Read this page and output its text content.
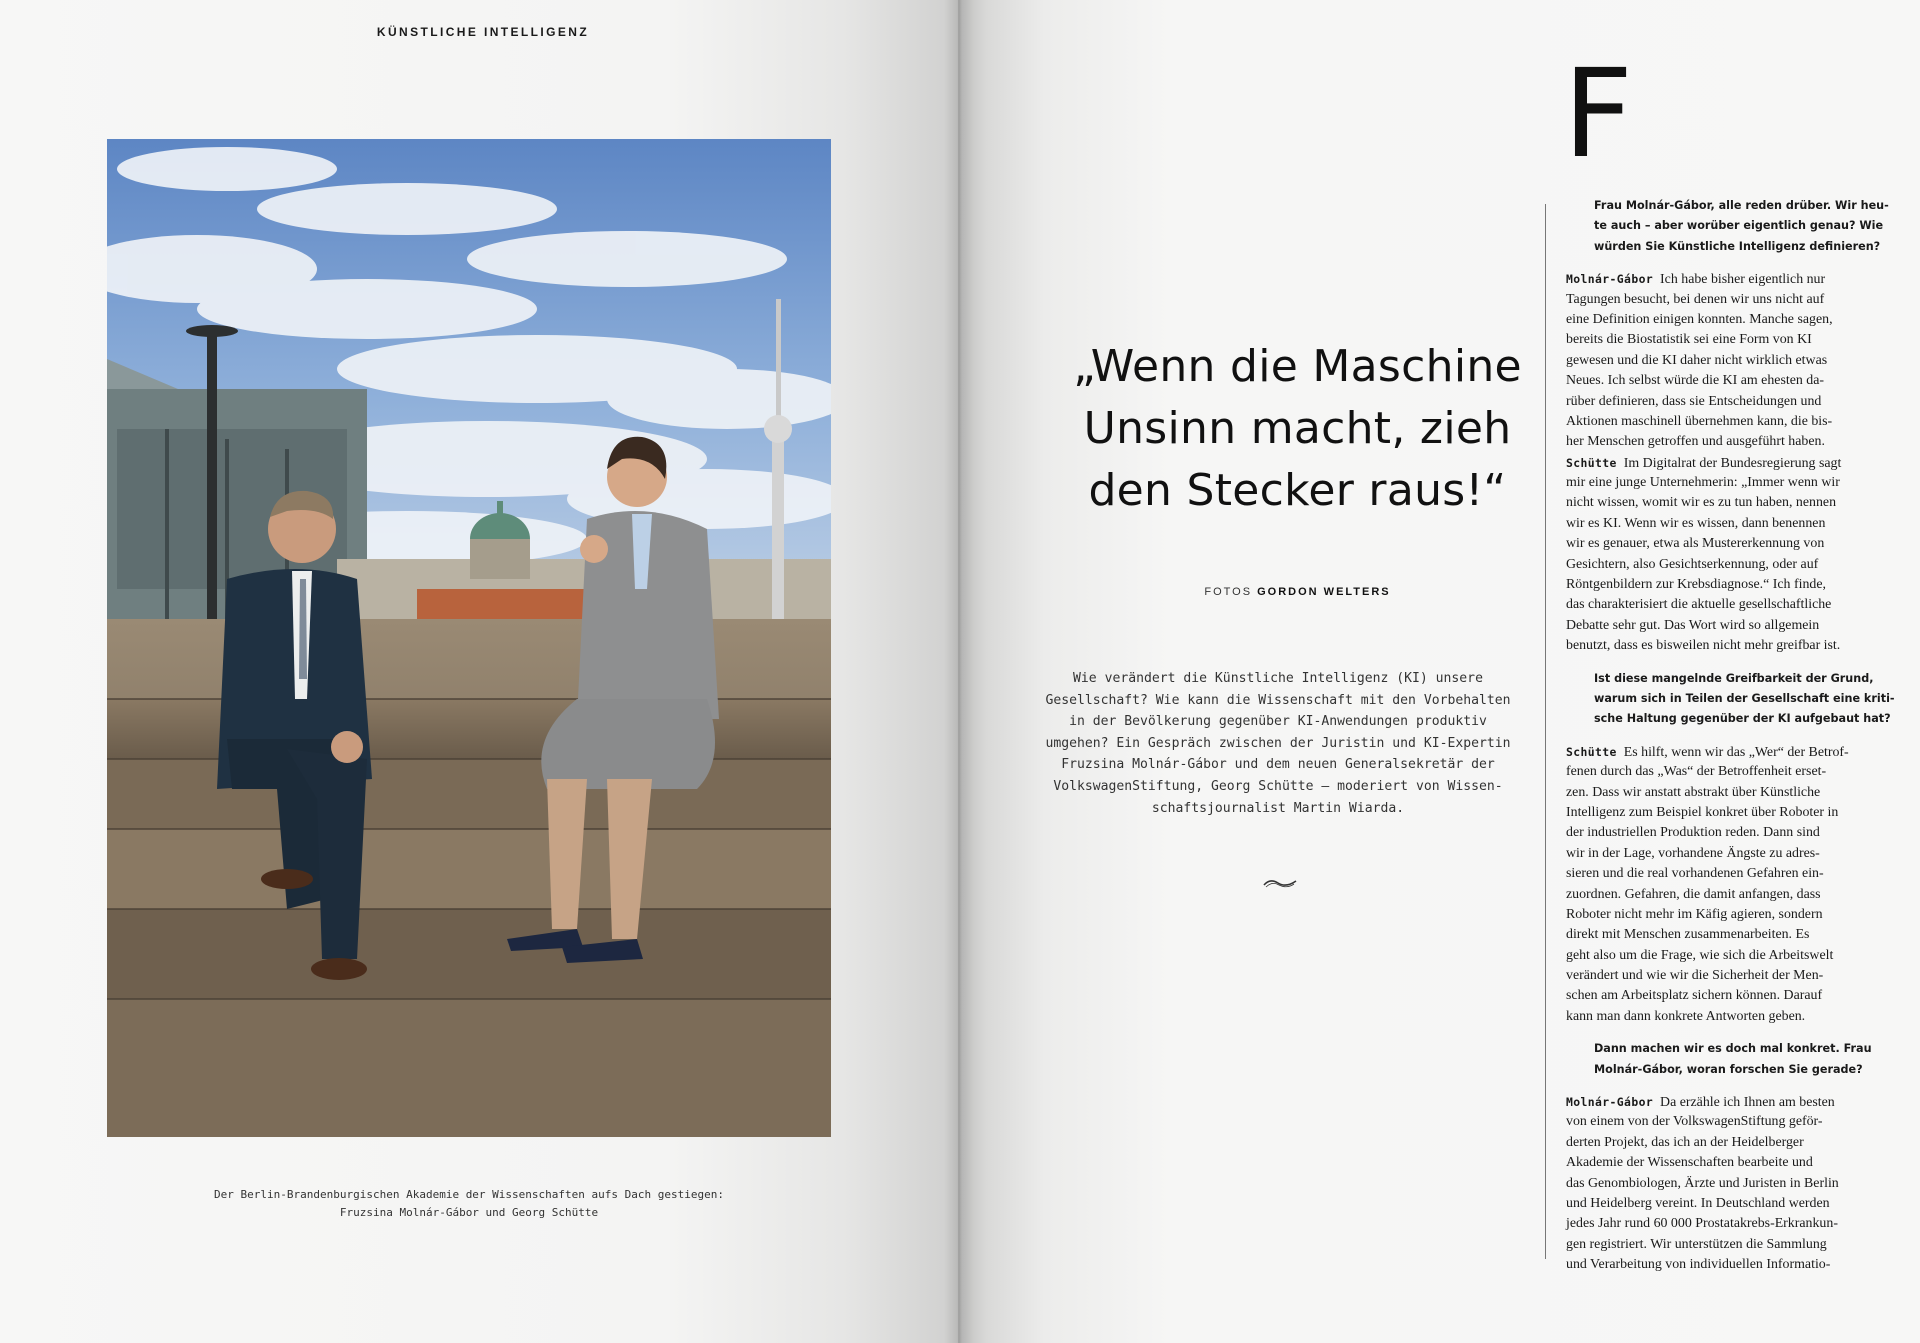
KÜNSTLICHE INTELLIGENZ
Der Berlin-Brandenburgischen Akademie der Wissenschaften aufs Dach gestiegen:
Fruzsina Molnár-Gábor und Georg Schütte
„Wenn die Maschine
Unsinn macht, zieh
den Stecker raus!“
FOTOS GORDON WELTERS
Wie verändert die Künstliche Intelligenz (KI) unsere
Gesellschaft? Wie kann die Wissenschaft mit den Vorbehalten
in der Bevölkerung gegenüber KI-Anwendungen produktiv
umgehen? Ein Gespräch zwischen der Juristin und KI-Expertin
Fruzsina Molnár-Gábor und dem neuen Generalsekretär der
VolkswagenStiftung, Georg Schütte – moderiert von Wissen-
schaftsjournalist Martin Wiarda.
F
Frau Molnár-Gábor, alle reden drüber. Wir heu-
te auch – aber worüber eigentlich genau? Wie
würden Sie Künstliche Intelligenz definieren?
Molnár-Gábor Ich habe bisher eigentlich nur
Tagungen besucht, bei denen wir uns nicht auf
eine Definition einigen konnten. Manche sagen,
bereits die Biostatistik sei eine Form von KI
gewesen und die KI daher nicht wirklich etwas
Neues. Ich selbst würde die KI am ehesten da-
rüber definieren, dass sie Entscheidungen und
Aktionen maschinell übernehmen kann, die bis-
her Menschen getroffen und ausgeführt haben.
Schütte Im Digitalrat der Bundesregierung sagt
mir eine junge Unternehmerin: „Immer wenn wir
nicht wissen, womit wir es zu tun haben, nennen
wir es KI. Wenn wir es wissen, dann benennen
wir es genauer, etwa als Mustererkennung von
Gesichtern, also Gesichtserkennung, oder auf
Röntgenbildern zur Krebsdiagnose.“ Ich finde,
das charakterisiert die aktuelle gesellschaftliche
Debatte sehr gut. Das Wort wird so allgemein
benutzt, dass es bisweilen nicht mehr greifbar ist.
Ist diese mangelnde Greifbarkeit der Grund,
warum sich in Teilen der Gesellschaft eine kriti-
sche Haltung gegenüber der KI aufgebaut hat?
Schütte Es hilft, wenn wir das „Wer“ der Betrof-
fenen durch das „Was“ der Betroffenheit erset-
zen. Dass wir anstatt abstrakt über Künstliche
Intelligenz zum Beispiel konkret über Roboter in
der industriellen Produktion reden. Dann sind
wir in der Lage, vorhandene Ängste zu adres-
sieren und die real vorhandenen Gefahren ein-
zuordnen. Gefahren, die damit anfangen, dass
Roboter nicht mehr im Käfig agieren, sondern
direkt mit Menschen zusammenarbeiten. Es
geht also um die Frage, wie sich die Arbeitswelt
verändert und wie wir die Sicherheit der Men-
schen am Arbeitsplatz sichern können. Darauf
kann man dann konkrete Antworten geben.
Dann machen wir es doch mal konkret. Frau
Molnár-Gábor, woran forschen Sie gerade?
Molnár-Gábor Da erzähle ich Ihnen am besten
von einem von der VolkswagenStiftung geför-
derten Projekt, das ich an der Heidelberger
Akademie der Wissenschaften bearbeite und
das Genombiologen, Ärzte und Juristen in Berlin
und Heidelberg vereint. In Deutschland werden
jedes Jahr rund 60 000 Prostatakrebs-Erkrankun-
gen registriert. Wir unterstützen die Sammlung
und Verarbeitung von individuellen Informatio-
